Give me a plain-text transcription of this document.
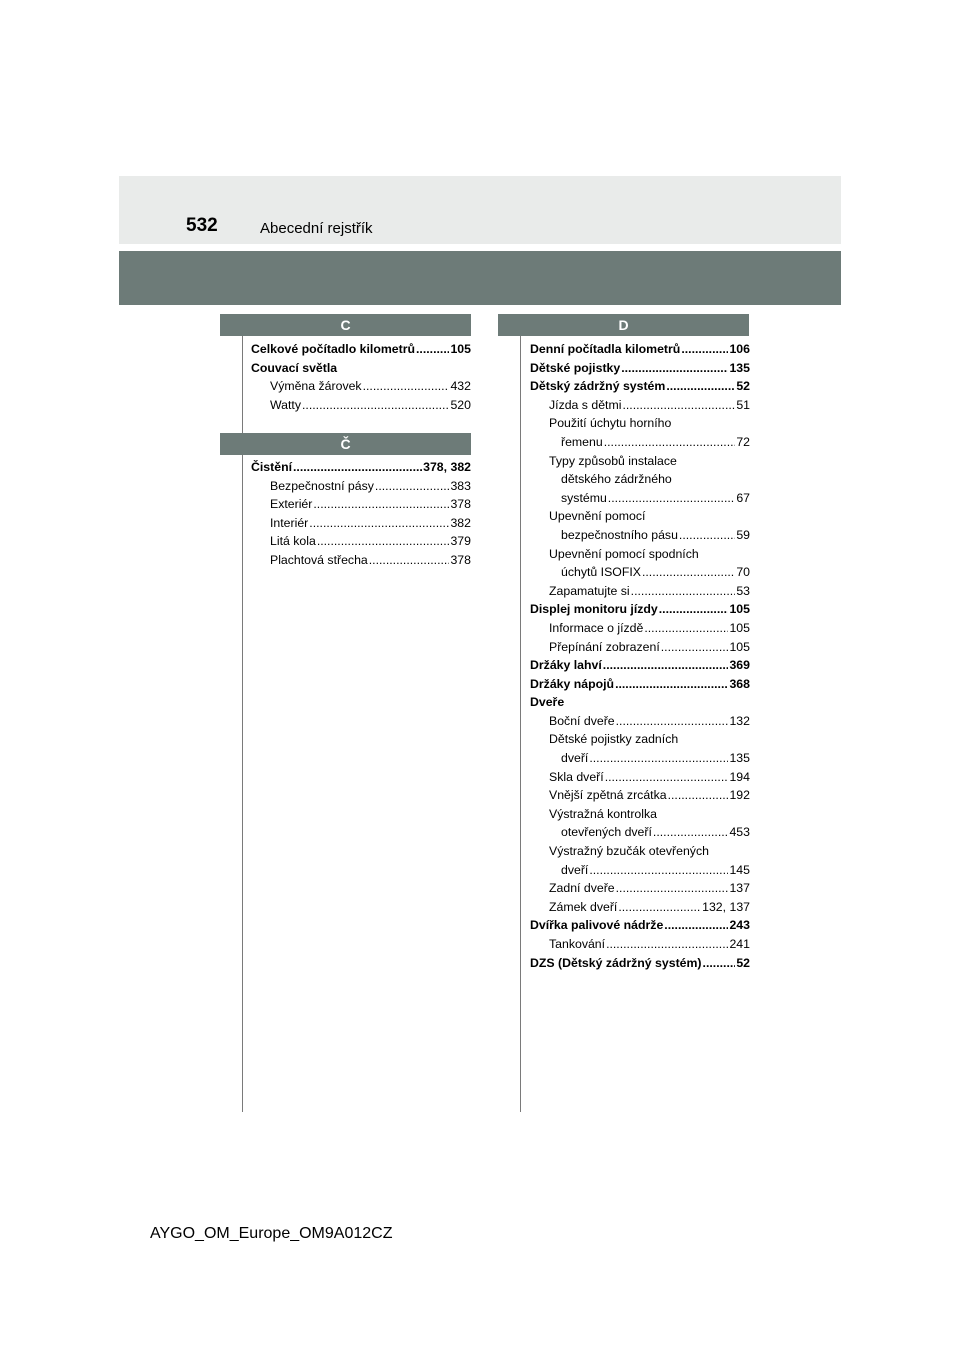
532	Abecední rejstřík
C
Celkové počítadlo kilometrů .....	105
Couvací světla
Výměna žárovek .....	432
Watty .....	520
Č
Čistění .....	378, 382
Bezpečnostní pásy .....	383
Exteriér .....	378
Interiér .....	382
Litá kola .....	379
Plachtová střecha .....	378
D
Denní počítadla kilometrů .....	106
Dětské pojistky .....	135
Dětský zádržný systém .....	52
Jízda s dětmi .....	51
Použití úchytu horního
řemenu .....	72
Typy způsobů instalace
dětského zádržného
systému .....	67
Upevnění pomocí
bezpečnostního pásu .....	59
Upevnění pomocí spodních
úchytů ISOFIX .....	70
Zapamatujte si .....	53
Displej monitoru jízdy .....	105
Informace o jízdě .....	105
Přepínání zobrazení .....	105
Držáky lahví .....	369
Držáky nápojů .....	368
Dveře
Boční dveře .....	132
Dětské pojistky zadních
dveří .....	135
Skla dveří .....	194
Vnější zpětná zrcátka .....	192
Výstražná kontrolka
otevřených dveří .....	453
Výstražný bzučák otevřených
dveří .....	145
Zadní dveře .....	137
Zámek dveří .....	132, 137
Dvířka palivové nádrže .....	243
Tankování .....	241
DZS (Dětský zádržný systém) .....	52
AYGO_OM_Europe_OM9A012CZ
